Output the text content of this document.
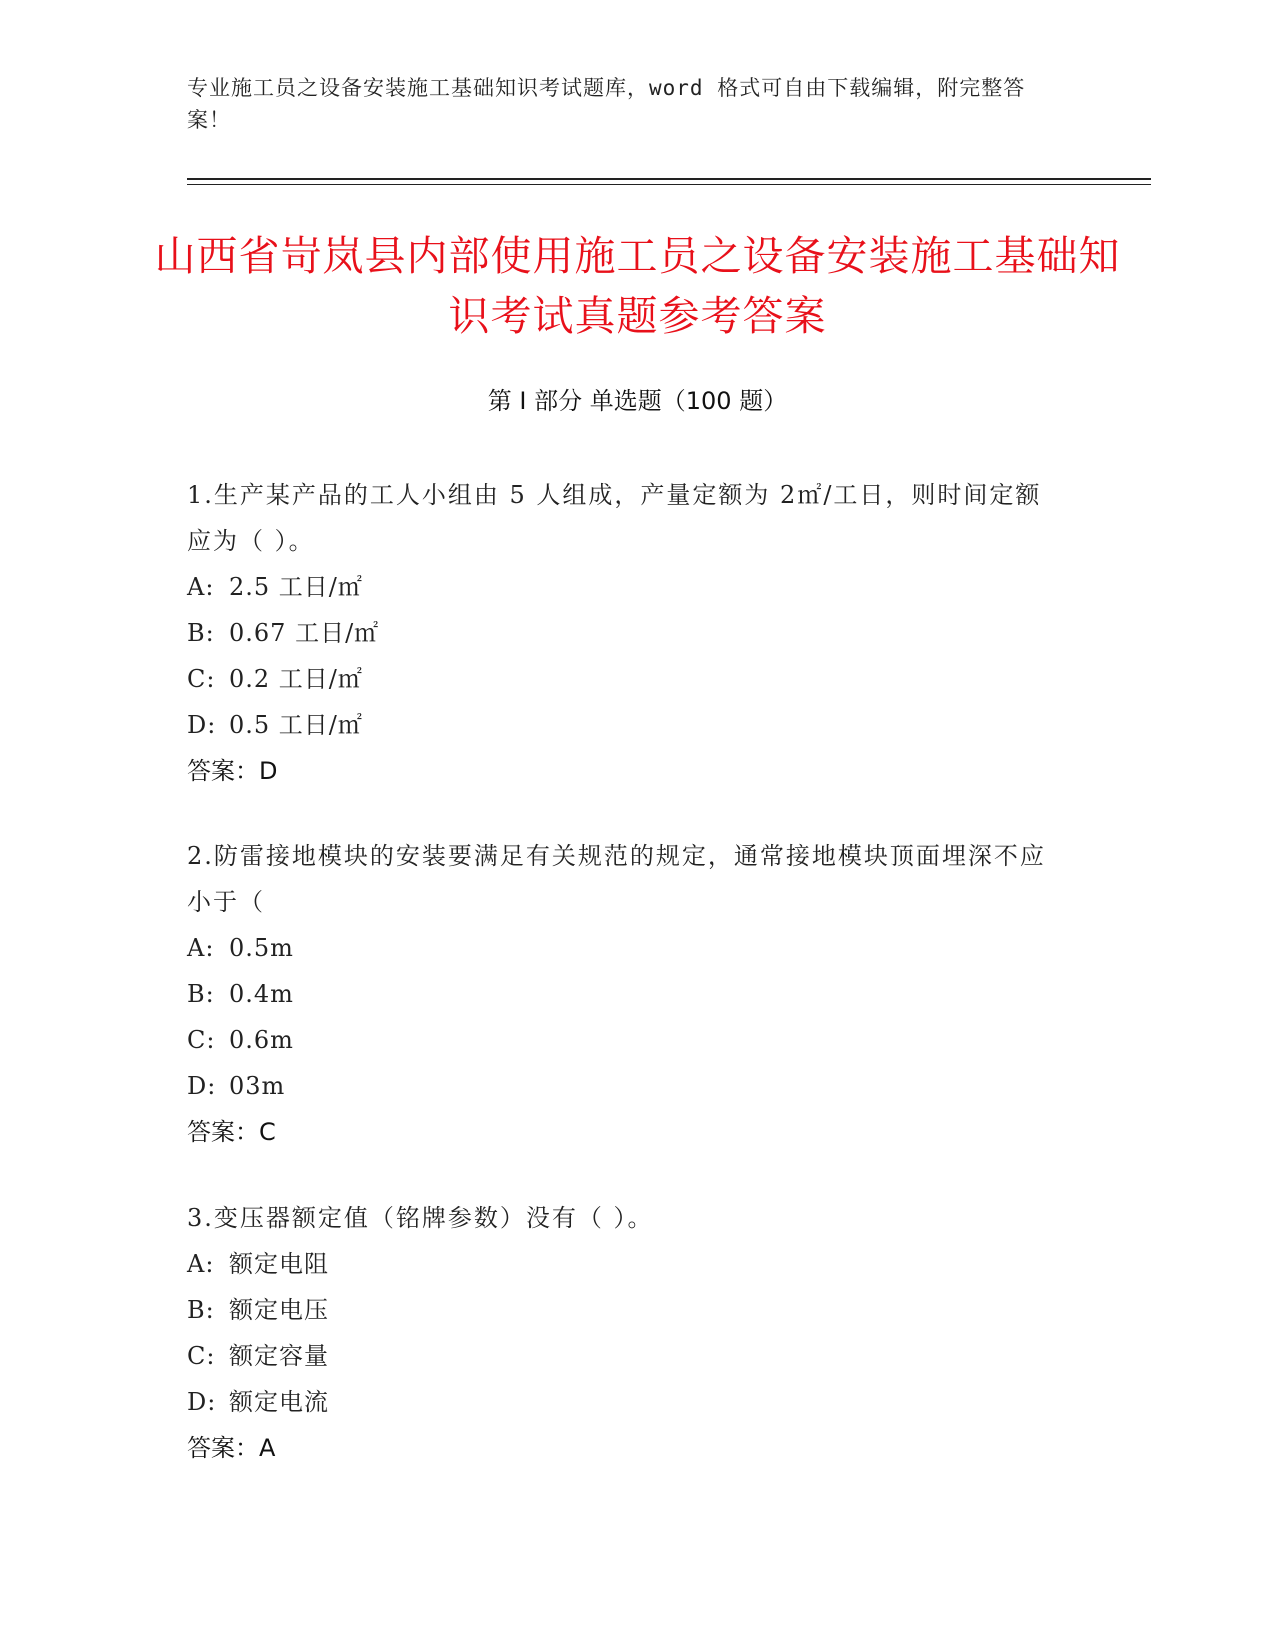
专业施工员之设备安装施工基础知识考试题库，word 格式可自由下载编辑，附完整答案！
山西省岢岚县内部使用施工员之设备安装施工基础知识考试真题参考答案
第 I 部分 单选题（100 题）
1.生产某产品的工人小组由 5 人组成，产量定额为 2㎡/工日，则时间定额应为（ ）。
A: 2.5 工日/㎡
B: 0.67 工日/㎡
C: 0.2 工日/㎡
D: 0.5 工日/㎡
答案：D
2.防雷接地模块的安装要满足有关规范的规定，通常接地模块顶面埋深不应小于（
A: 0.5m
B: 0.4m
C: 0.6m
D: 03m
答案：C
3.变压器额定值（铭牌参数）没有（ ）。
A: 额定电阻
B: 额定电压
C: 额定容量
D: 额定电流
答案：A
